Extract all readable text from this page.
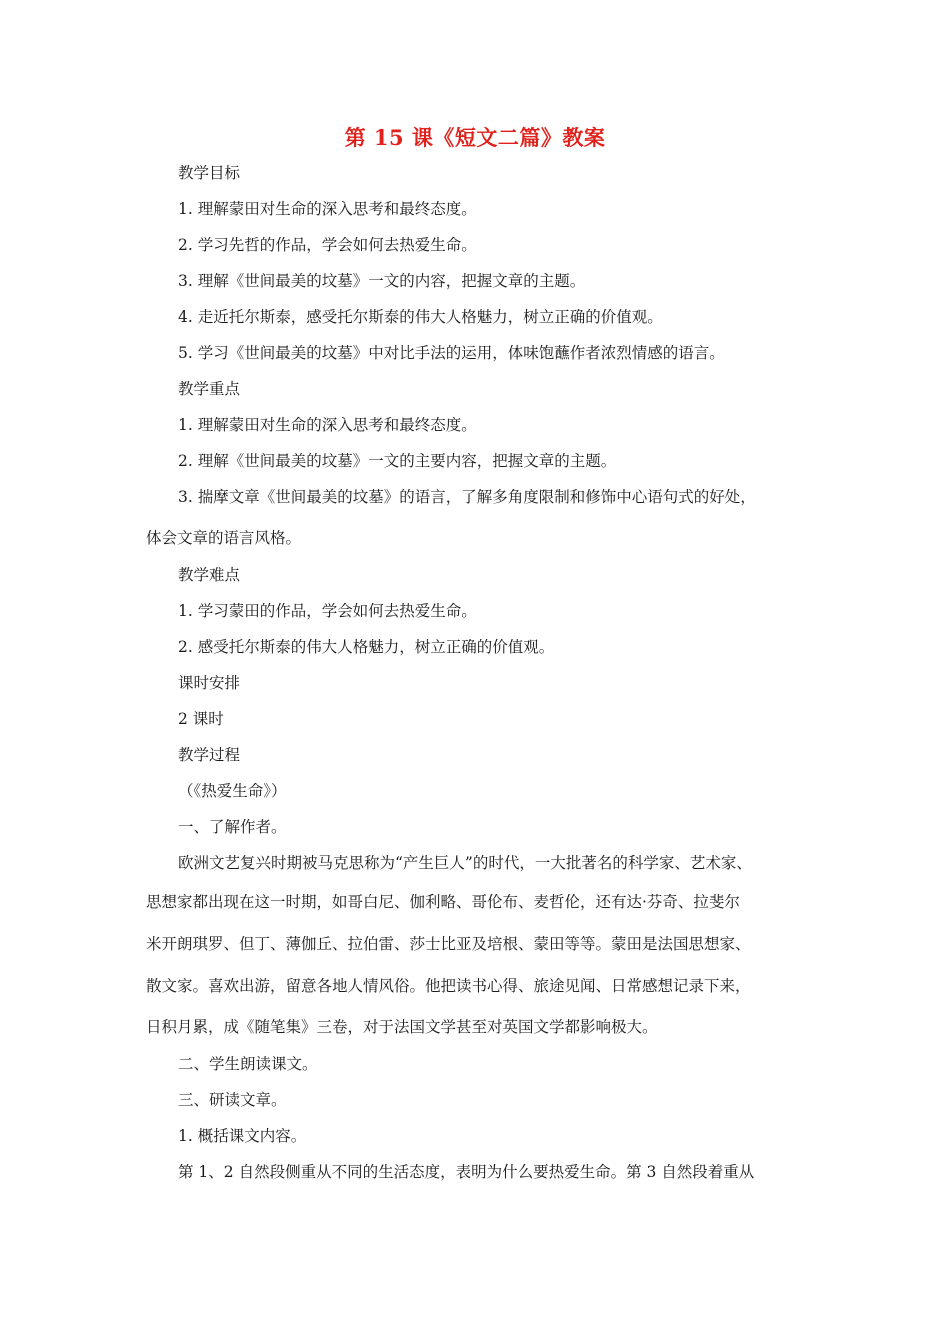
第 15 课《短文二篇》教案
教学目标
1. 理解蒙田对生命的深入思考和最终态度。
2. 学习先哲的作品，学会如何去热爱生命。
3. 理解《世间最美的坟墓》一文的内容，把握文章的主题。
4. 走近托尔斯泰，感受托尔斯泰的伟大人格魅力，树立正确的价值观。
5. 学习《世间最美的坟墓》中对比手法的运用，体味饱蘸作者浓烈情感的语言。
教学重点
1. 理解蒙田对生命的深入思考和最终态度。
2. 理解《世间最美的坟墓》一文的主要内容，把握文章的主题。
3. 揣摩文章《世间最美的坟墓》的语言，了解多角度限制和修饰中心语句式的好处，
体会文章的语言风格。
教学难点
1. 学习蒙田的作品，学会如何去热爱生命。
2. 感受托尔斯泰的伟大人格魅力，树立正确的价值观。
课时安排
2 课时
教学过程
（《热爱生命》）
一、了解作者。
欧洲文艺复兴时期被马克思称为“产生巨人”的时代，一大批著名的科学家、艺术家、
思想家都出现在这一时期，如哥白尼、伽利略、哥伦布、麦哲伦，还有达·芬奇、拉斐尔
米开朗琪罗、但丁、薄伽丘、拉伯雷、莎士比亚及培根、蒙田等等。蒙田是法国思想家、
散文家。喜欢出游，留意各地人情风俗。他把读书心得、旅途见闻、日常感想记录下来，
日积月累，成《随笔集》三卷，对于法国文学甚至对英国文学都影响极大。
二、学生朗读课文。
三、研读文章。
1. 概括课文内容。
第 1、2 自然段侧重从不同的生活态度，表明为什么要热爱生命。第 3 自然段着重从
